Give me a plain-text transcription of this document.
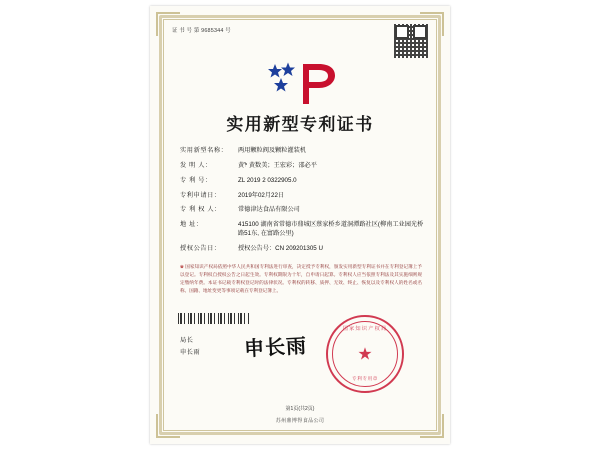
证 书 号 第 9685344 号
实用新型专利证书
实用新型名称：	两用颗粒阀及颗粒灌装机
发 明 人：	黄෦ 黄数美；王宏彩；邵必平
专 利 号：	ZL 2019 2 0322905.0
专利申请日：	2019年02月22日
专 利 权 人：	常德津达食品有限公司
地 址：	415100 湖南省常德市鼎城区蔡家桥乡道洞潭路社区(柳南工业园光桥路51东, 在富路公里)
授权公告日：	授权公告号：CN 209201305 U
※ 国家知识产权局依照中华人民共和国专利法进行审查，决定授予专利权，颁发实用新型专利证书并在专利登记簿上予以登记。专利权自授权公告之日起生效。专利权期限为十年，自申请日起算。专利权人应当依照专利法及其实施细则规定缴纳年费。本证书记载专利权登记时的法律状况。专利权的转移、质押、无效、终止、恢复以及专利权人的姓名或名称、国籍、地址变更等事项记载在专利登记簿上。
局长
申长雨 申长雨
国家知识产权局
★
专利专用章
第1页(共2页)
苏州鼎博得食品公司
